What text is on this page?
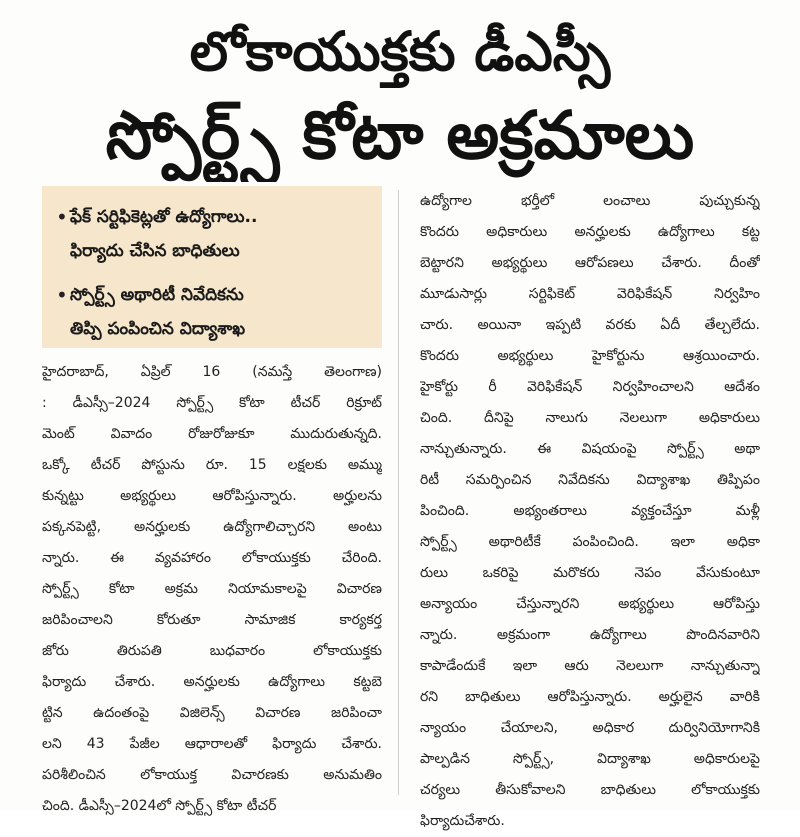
లోకాయుక్తకు డీఎస్సీ
స్పోర్ట్స్ కోటా అక్రమాలు
• ఫేక్ సర్టిఫికెట్లతో ఉద్యోగాలు..
ఫిర్యాదు చేసిన బాధితులు
• స్పోర్ట్స్ అథారిటీ నివేదికను
తిప్పి పంపించిన విద్యాశాఖ
హైదరాబాద్, ఏప్రిల్ 16 (నమస్తే తెలంగాణ)
: డీఎస్సీ–2024 స్పోర్ట్స్ కోటా టీచర్ రిక్రూట్
మెంట్ వివాదం రోజురోజుకూ ముదురుతున్నది.
ఒక్కో టీచర్ పోస్టును రూ. 15 లక్షలకు అమ్ము
కున్నట్టు అభ్యర్థులు ఆరోపిస్తున్నారు. అర్హులను
పక్కనపెట్టి, అనర్హులకు ఉద్యోగాలిచ్చారని అంటు
న్నారు. ఈ వ్యవహారం లోకాయుక్తకు చేరింది.
స్పోర్ట్స్ కోటా అక్రమ నియామకాలపై విచారణ
జరిపించాలని కోరుతూ సామాజిక కార్యకర్త
జోరు తిరుపతి బుధవారం లోకాయుక్తకు
ఫిర్యాదు చేశారు. అనర్హులకు ఉద్యోగాలు కట్టబె
ట్టిన ఉదంతంపై విజిలెన్స్ విచారణ జరిపించా
లని 43 పేజీల ఆధారాలతో ఫిర్యాదు చేశారు.
పరిశీలించిన లోకాయుక్త విచారణకు అనుమతిం
చింది. డీఎస్సీ–2024లో స్పోర్ట్స్ కోటా టీచర్
ఉద్యోగాల భర్తీలో లంచాలు పుచ్చుకున్న
కొందరు అధికారులు అనర్హులకు ఉద్యోగాలు కట్ట
బెట్టారని అభ్యర్థులు ఆరోపణలు చేశారు. దీంతో
మూడుసార్లు సర్టిఫికెట్ వెరిఫికేషన్ నిర్వహిం
చారు. అయినా ఇప్పటి వరకు ఏదీ తేల్చలేదు.
కొందరు అభ్యర్థులు హైకోర్టును ఆశ్రయించారు.
హైకోర్టు రీ వెరిఫికేషన్ నిర్వహించాలని ఆదేశం
చింది. దీనిపై నాలుగు నెలలుగా అధికారులు
నాన్చుతున్నారు. ఈ విషయంపై స్పోర్ట్స్ అథా
రిటీ సమర్పించిన నివేదికను విద్యాశాఖ తిప్పిపం
పించింది. అభ్యంతరాలు వ్యక్తంచేస్తూ మళ్లీ
స్పోర్ట్స్ అథారిటీకే పంపించింది. ఇలా అధికా
రులు ఒకరిపై మరొకరు నెపం వేసుకుంటూ
అన్యాయం చేస్తున్నారని అభ్యర్థులు ఆరోపిస్తు
న్నారు. అక్రమంగా ఉద్యోగాలు పొందినవారిని
కాపాడేందుకే ఇలా ఆరు నెలలుగా నాన్చుతున్నా
రని బాధితులు ఆరోపిస్తున్నారు. అర్హులైన వారికి
న్యాయం చేయాలని, అధికార దుర్వినియోగానికి
పాల్పడిన స్పోర్ట్స్, విద్యాశాఖ అధికారులపై
చర్యలు తీసుకోవాలని బాధితులు లోకాయుక్తకు
ఫిర్యాదుచేశారు.
